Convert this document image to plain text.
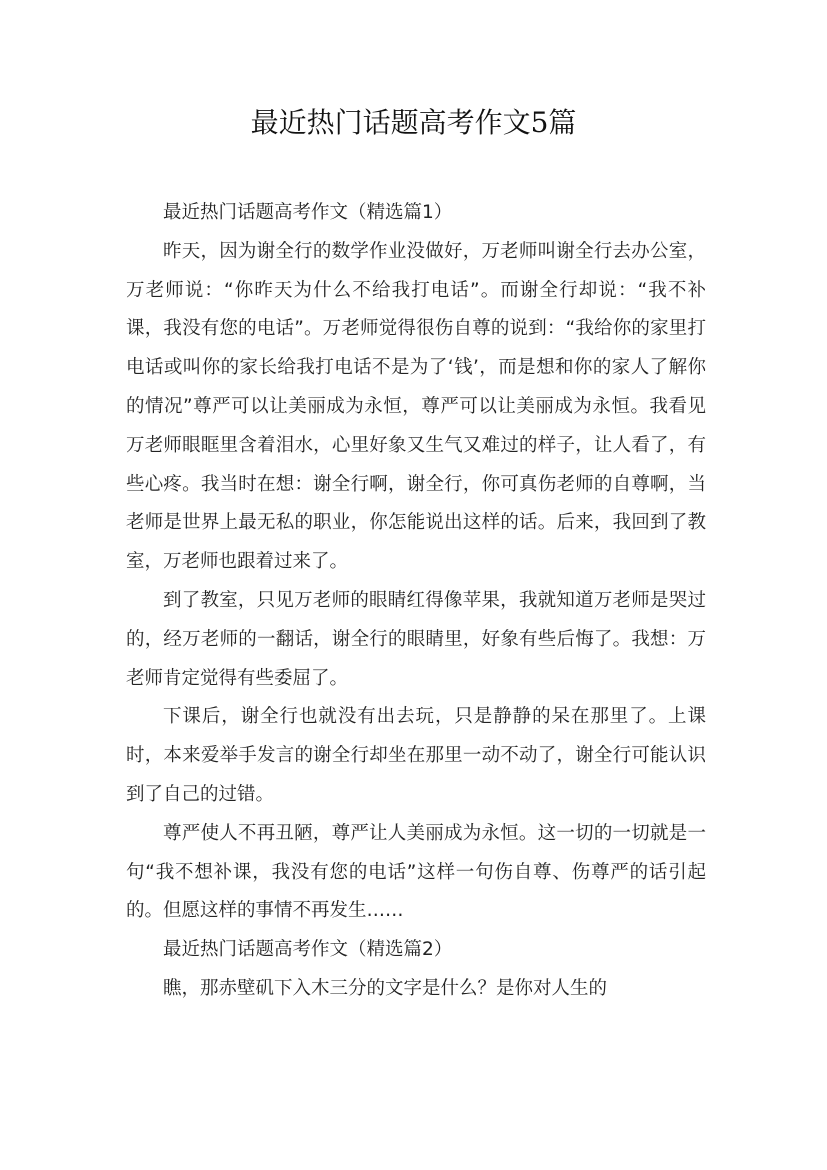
最近热门话题高考作文5篇

最近热门话题高考作文（精选篇1）

昨天，因为谢全行的数学作业没做好，万老师叫谢全行去办公室，万老师说：“你昨天为什么不给我打电话”。而谢全行却说：“我不补课，我没有您的电话”。万老师觉得很伤自尊的说到：“我给你的家里打电话或叫你的家长给我打电话不是为了‘钱’，而是想和你的家人了解你的情况”尊严可以让美丽成为永恒，尊严可以让美丽成为永恒。我看见万老师眼眶里含着泪水，心里好象又生气又难过的样子，让人看了，有些心疼。我当时在想：谢全行啊，谢全行，你可真伤老师的自尊啊，当老师是世界上最无私的职业，你怎能说出这样的话。后来，我回到了教室，万老师也跟着过来了。

到了教室，只见万老师的眼睛红得像苹果，我就知道万老师是哭过的，经万老师的一翻话，谢全行的眼睛里，好象有些后悔了。我想：万老师肯定觉得有些委屈了。

下课后，谢全行也就没有出去玩，只是静静的呆在那里了。上课时，本来爱举手发言的谢全行却坐在那里一动不动了，谢全行可能认识到了自己的过错。

尊严使人不再丑陋，尊严让人美丽成为永恒。这一切的一切就是一句“我不想补课，我没有您的电话”这样一句伤自尊、伤尊严的话引起的。但愿这样的事情不再发生……

最近热门话题高考作文（精选篇2）

瞧，那赤壁矶下入木三分的文字是什么？是你对人生的
